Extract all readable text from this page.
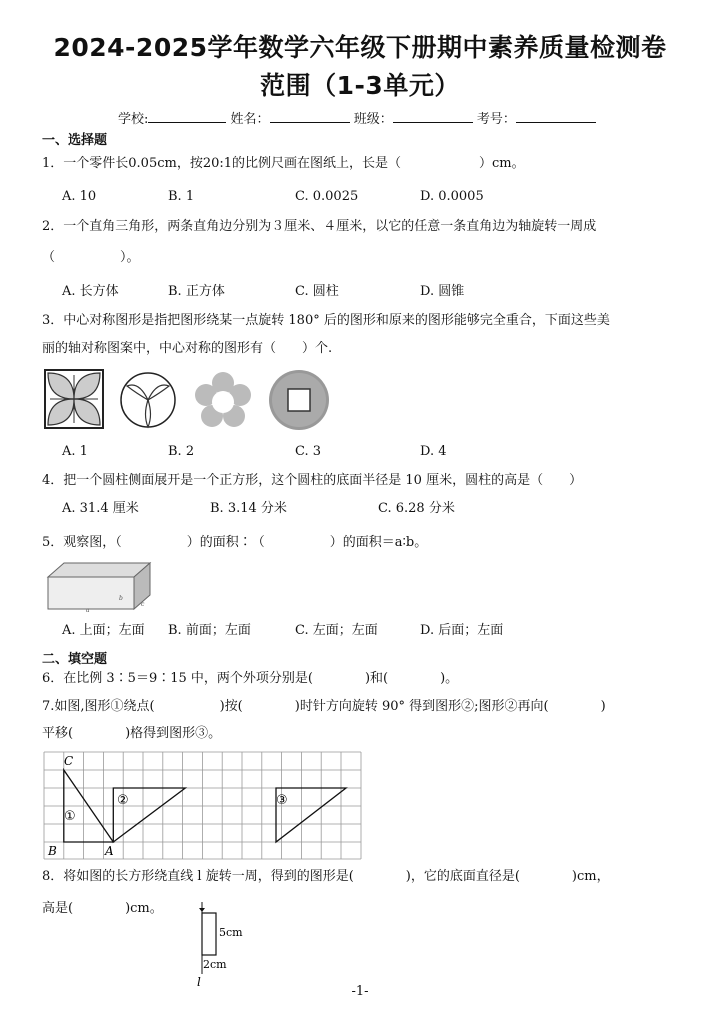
2024-2025学年数学六年级下册期中素养质量检测卷
范围（1-3单元）
学校:	姓名：	班级：	考号：
一、选择题
1．一个零件长0.05cm，按20:1的比例尺画在图纸上，长是（　　　　　　）cm。
A. 10	B. 1	C. 0.0025	D. 0.0005
2．一个直角三角形，两条直角边分别为３厘米、４厘米，以它的任意一条直角边为轴旋转一周成
（　　　　　）。
A. 长方体	B. 正方体	C. 圆柱	D. 圆锥
3．中心对称图形是指把图形绕某一点旋转 180° 后的图形和原来的图形能够完全重合，下面这些美
丽的轴对称图案中，中心对称的图形有（　　）个.
A. 1	B. 2	C. 3	D. 4
4．把一个圆柱侧面展开是一个正方形，这个圆柱的底面半径是 10 厘米，圆柱的高是（　　）
A. 31.4 厘米	B. 3.14 分米	C. 6.28 分米
5．观察图，（　　　　　）的面积∶（　　　　　）的面积＝a∶b。
a
b
c
A. 上面；左面 B. 前面；左面	C. 左面；左面	D. 后面；左面
二、填空题
6．在比例 3∶5＝9∶15 中，两个外项分别是(　　　　)和(　　　　)。
7.如图,图形①绕点(　　　　　)按(　　　　)时针方向旋转 90° 得到图形②;图形②再向(　　　　)
平移(　　　　)格得到图形③。
C
B	A
①
②	③
8．将如图的长方形绕直线 l 旋转一周，得到的图形是(　　　　)，它的底面直径是(　　　　)cm，
高是(　　　　)cm。
5cm
2cm
l
-1-
